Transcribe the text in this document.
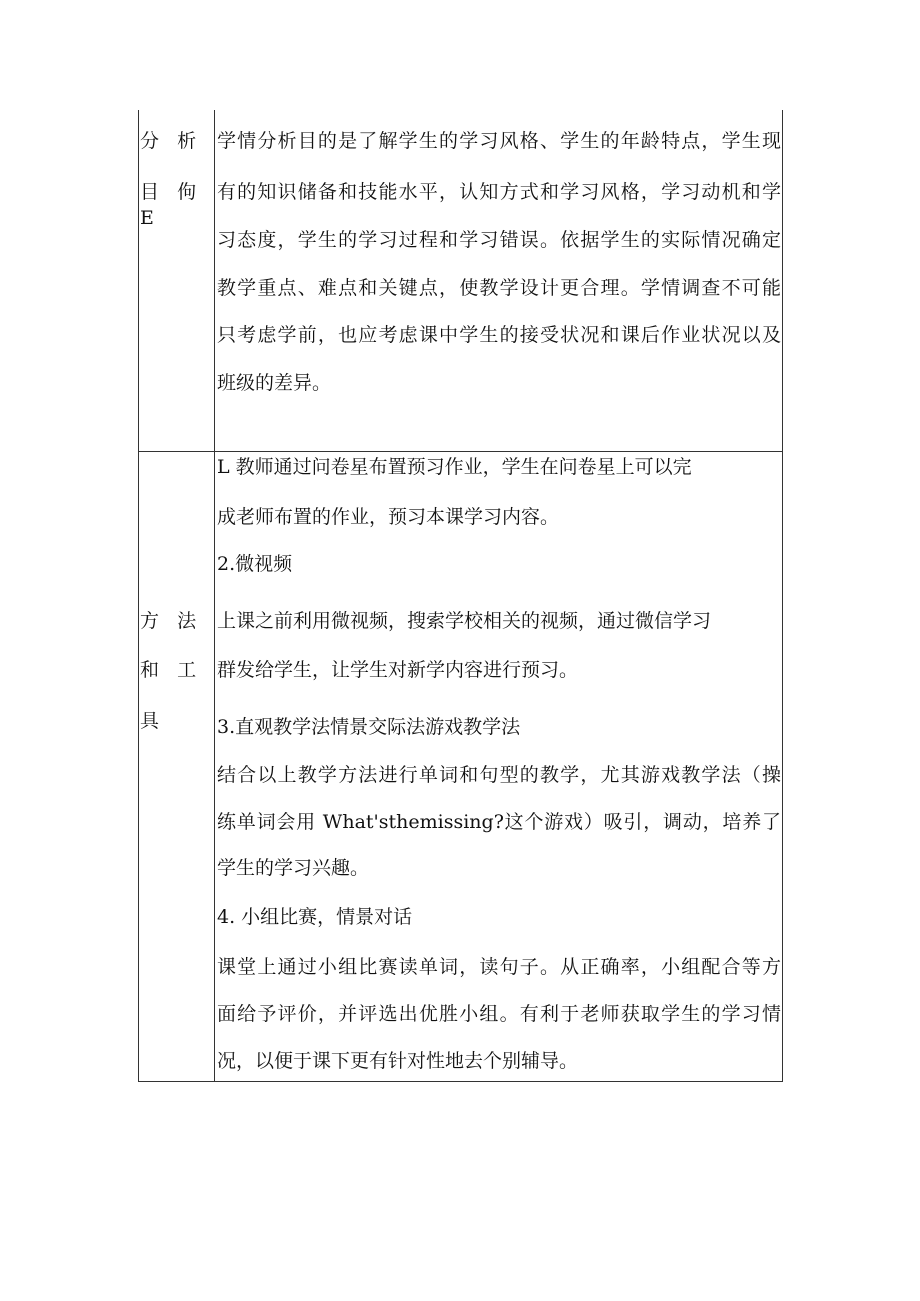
分   析
目   佝
E
学情分析目的是了解学生的学习风格、学生的年龄特点，学生现
有的知识储备和技能水平，认知方式和学习风格，学习动机和学
习态度，学生的学习过程和学习错误。依据学生的实际情况确定
教学重点、难点和关键点，使教学设计更合理。学情调查不可能
只考虑学前，也应考虑课中学生的接受状况和课后作业状况以及
班级的差异。
方   法
和   工
具
L 教师通过问卷星布置预习作业，学生在问卷星上可以完
成老师布置的作业，预习本课学习内容。
2.微视频
上课之前利用微视频，搜索学校相关的视频，通过微信学习
群发给学生，让学生对新学内容进行预习。
3.直观教学法情景交际法游戏教学法
结合以上教学方法进行单词和句型的教学，尤其游戏教学法（操
练单词会用 What'sthemissing?这个游戏）吸引，调动，培养了
学生的学习兴趣。
4. 小组比赛，情景对话
课堂上通过小组比赛读单词，读句子。从正确率，小组配合等方
面给予评价，并评选出优胜小组。有利于老师获取学生的学习情
况，以便于课下更有针对性地去个别辅导。
